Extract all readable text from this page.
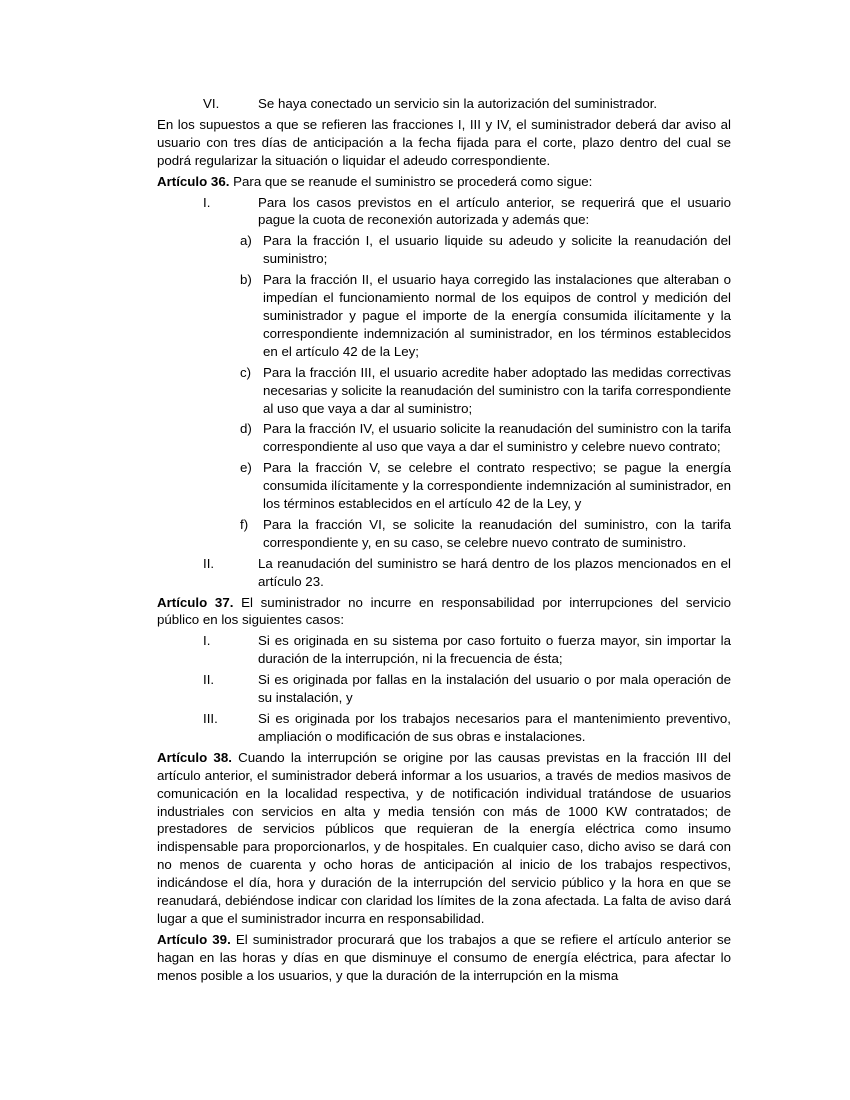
VI.	Se haya conectado un servicio sin la autorización del suministrador.

En los supuestos a que se refieren las fracciones I, III y IV, el suministrador deberá dar aviso al usuario con tres días de anticipación a la fecha fijada para el corte, plazo dentro del cual se podrá regularizar la situación o liquidar el adeudo correspondiente.

Artículo 36. Para que se reanude el suministro se procederá como sigue:

I.	Para los casos previstos en el artículo anterior, se requerirá que el usuario pague la cuota de reconexión autorizada y además que:
a) Para la fracción I, el usuario liquide su adeudo y solicite la reanudación del suministro;
b) Para la fracción II, el usuario haya corregido las instalaciones que alteraban o impedían el funcionamiento normal de los equipos de control y medición del suministrador y pague el importe de la energía consumida ilícitamente y la correspondiente indemnización al suministrador, en los términos establecidos en el artículo 42 de la Ley;
c) Para la fracción III, el usuario acredite haber adoptado las medidas correctivas necesarias y solicite la reanudación del suministro con la tarifa correspondiente al uso que vaya a dar al suministro;
d) Para la fracción IV, el usuario solicite la reanudación del suministro con la tarifa correspondiente al uso que vaya a dar el suministro y celebre nuevo contrato;
e) Para la fracción V, se celebre el contrato respectivo; se pague la energía consumida ilícitamente y la correspondiente indemnización al suministrador, en los términos establecidos en el artículo 42 de la Ley, y
f) Para la fracción VI, se solicite la reanudación del suministro, con la tarifa correspondiente y, en su caso, se celebre nuevo contrato de suministro.
II.	La reanudación del suministro se hará dentro de los plazos mencionados en el artículo 23.

Artículo 37. El suministrador no incurre en responsabilidad por interrupciones del servicio público en los siguientes casos:

I.	Si es originada en su sistema por caso fortuito o fuerza mayor, sin importar la duración de la interrupción, ni la frecuencia de ésta;
II.	Si es originada por fallas en la instalación del usuario o por mala operación de su instalación, y
III.	Si es originada por los trabajos necesarios para el mantenimiento preventivo, ampliación o modificación de sus obras e instalaciones.

Artículo 38. Cuando la interrupción se origine por las causas previstas en la fracción III del artículo anterior, el suministrador deberá informar a los usuarios, a través de medios masivos de comunicación en la localidad respectiva, y de notificación individual tratándose de usuarios industriales con servicios en alta y media tensión con más de 1000 KW contratados; de prestadores de servicios públicos que requieran de la energía eléctrica como insumo indispensable para proporcionarlos, y de hospitales. En cualquier caso, dicho aviso se dará con no menos de cuarenta y ocho horas de anticipación al inicio de los trabajos respectivos, indicándose el día, hora y duración de la interrupción del servicio público y la hora en que se reanudará, debiéndose indicar con claridad los límites de la zona afectada. La falta de aviso dará lugar a que el suministrador incurra en responsabilidad.

Artículo 39. El suministrador procurará que los trabajos a que se refiere el artículo anterior se hagan en las horas y días en que disminuye el consumo de energía eléctrica, para afectar lo menos posible a los usuarios, y que la duración de la interrupción en la misma
